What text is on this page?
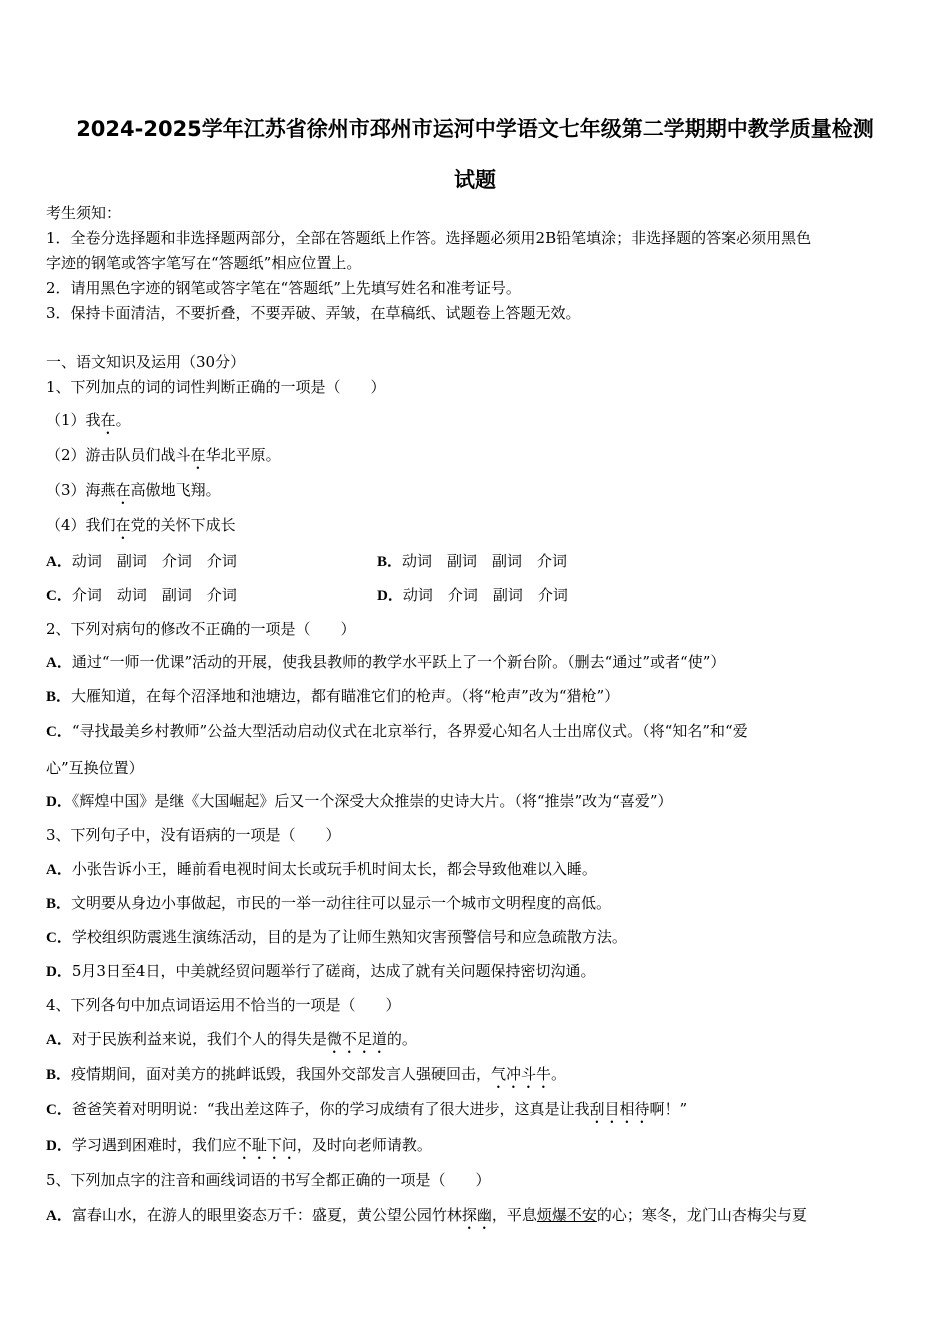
2024-2025学年江苏省徐州市邳州市运河中学语文七年级第二学期期中教学质量检测
试题
考生须知：
1．全卷分选择题和非选择题两部分，全部在答题纸上作答。选择题必须用2B铅笔填涂；非选择题的答案必须用黑色
字迹的钢笔或答字笔写在“答题纸”相应位置上。
2．请用黑色字迹的钢笔或答字笔在“答题纸”上先填写姓名和准考证号。
3．保持卡面清洁，不要折叠，不要弄破、弄皱，在草稿纸、试题卷上答题无效。
一、语文知识及运用（30分）
1、下列加点的词的词性判断正确的一项是（　　）
（1）我在。
（2）游击队员们战斗在华北平原。
（3）海燕在高傲地飞翔。
（4）我们在党的关怀下成长
A．动词　副词　介词　介词	B．动词　副词　副词　介词
C．介词　动词　副词　介词	D．动词　介词　副词　介词
2、下列对病句的修改不正确的一项是（　　）
A．通过“一师一优课”活动的开展，使我县教师的教学水平跃上了一个新台阶。（删去“通过”或者“使”）
B．大雁知道，在每个沼泽地和池塘边，都有瞄准它们的枪声。（将“枪声”改为“猎枪”）
C．“寻找最美乡村教师”公益大型活动启动仪式在北京举行，各界爱心知名人士出席仪式。（将“知名”和“爱
心”互换位置）
D．《辉煌中国》是继《大国崛起》后又一个深受大众推崇的史诗大片。（将“推崇”改为“喜爱”）
3、下列句子中，没有语病的一项是（　　）
A．小张告诉小王，睡前看电视时间太长或玩手机时间太长，都会导致他难以入睡。
B．文明要从身边小事做起，市民的一举一动往往可以显示一个城市文明程度的高低。
C．学校组织防震逃生演练活动，目的是为了让师生熟知灾害预警信号和应急疏散方法。
D．5月3日至4日，中美就经贸问题举行了磋商，达成了就有关问题保持密切沟通。
4、下列各句中加点词语运用不恰当的一项是（　　）
A．对于民族利益来说，我们个人的得失是微不足道的。
B．疫情期间，面对美方的挑衅诋毁，我国外交部发言人强硬回击，气冲斗牛。
C．爸爸笑着对明明说：“我出差这阵子，你的学习成绩有了很大进步，这真是让我刮目相待啊！”
D．学习遇到困难时，我们应不耻下问，及时向老师请教。
5、下列加点字的注音和画线词语的书写全都正确的一项是（　　）
A．富春山水，在游人的眼里姿态万千：盛夏，黄公望公园竹林探幽，平息烦爆不安的心；寒冬，龙门山杏梅尖与夏
